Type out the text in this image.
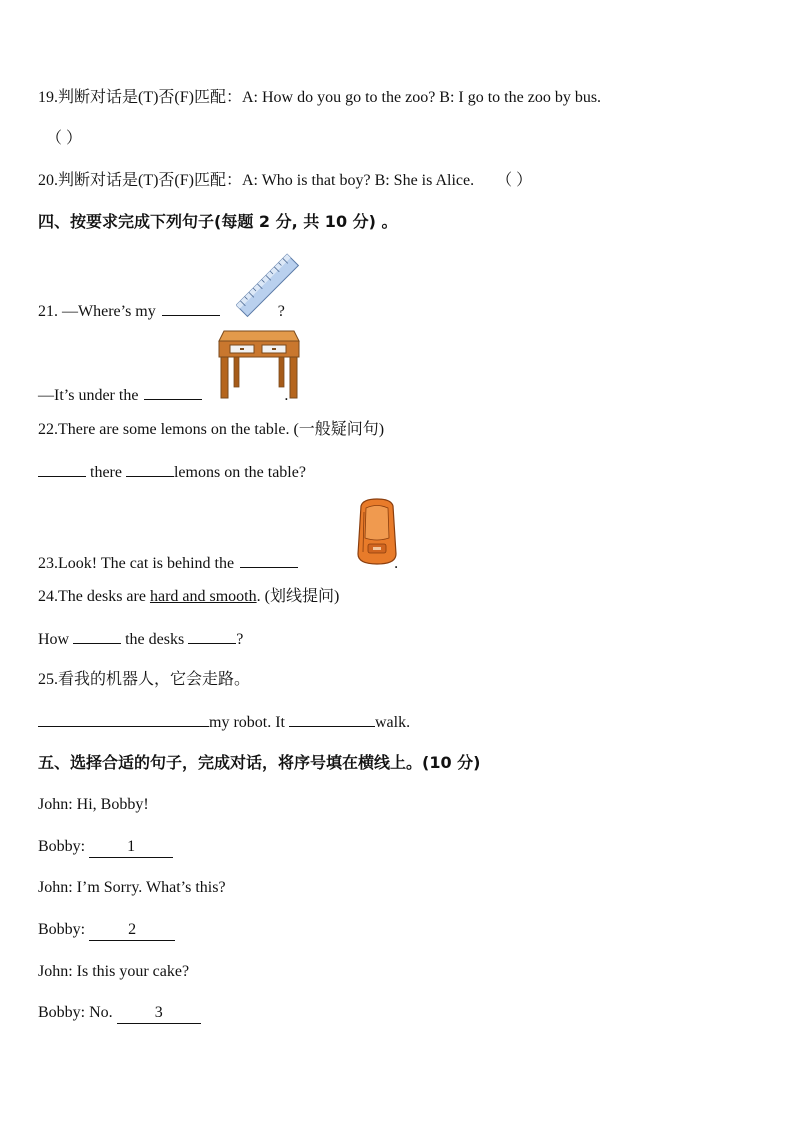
19.判断对话是(T)否(F)匹配：A: How do you go to the zoo? B: I go to the zoo by bus.
（ ）
20.判断对话是(T)否(F)匹配：A: Who is that boy? B: She is Alice. （ ）
四、按要求完成下列句子(每题 2 分, 共 10 分) 。
21. —Where’s my	?
—It’s under the	.
22.There are some lemons on the table. (一般疑问句)
there	lemons on the table?
23.Look! The cat is behind the	.
24.The desks are hard and smooth. (划线提问)
How	the desks	?
25.看我的机器人，它会走路。
my robot. It	walk.
五、选择合适的句子，完成对话，将序号填在横线上。(10 分)
John: Hi, Bobby!
Bobby:	1
John: I’m Sorry. What’s this?
Bobby:	2
John: Is this your cake?
Bobby: No.	3
